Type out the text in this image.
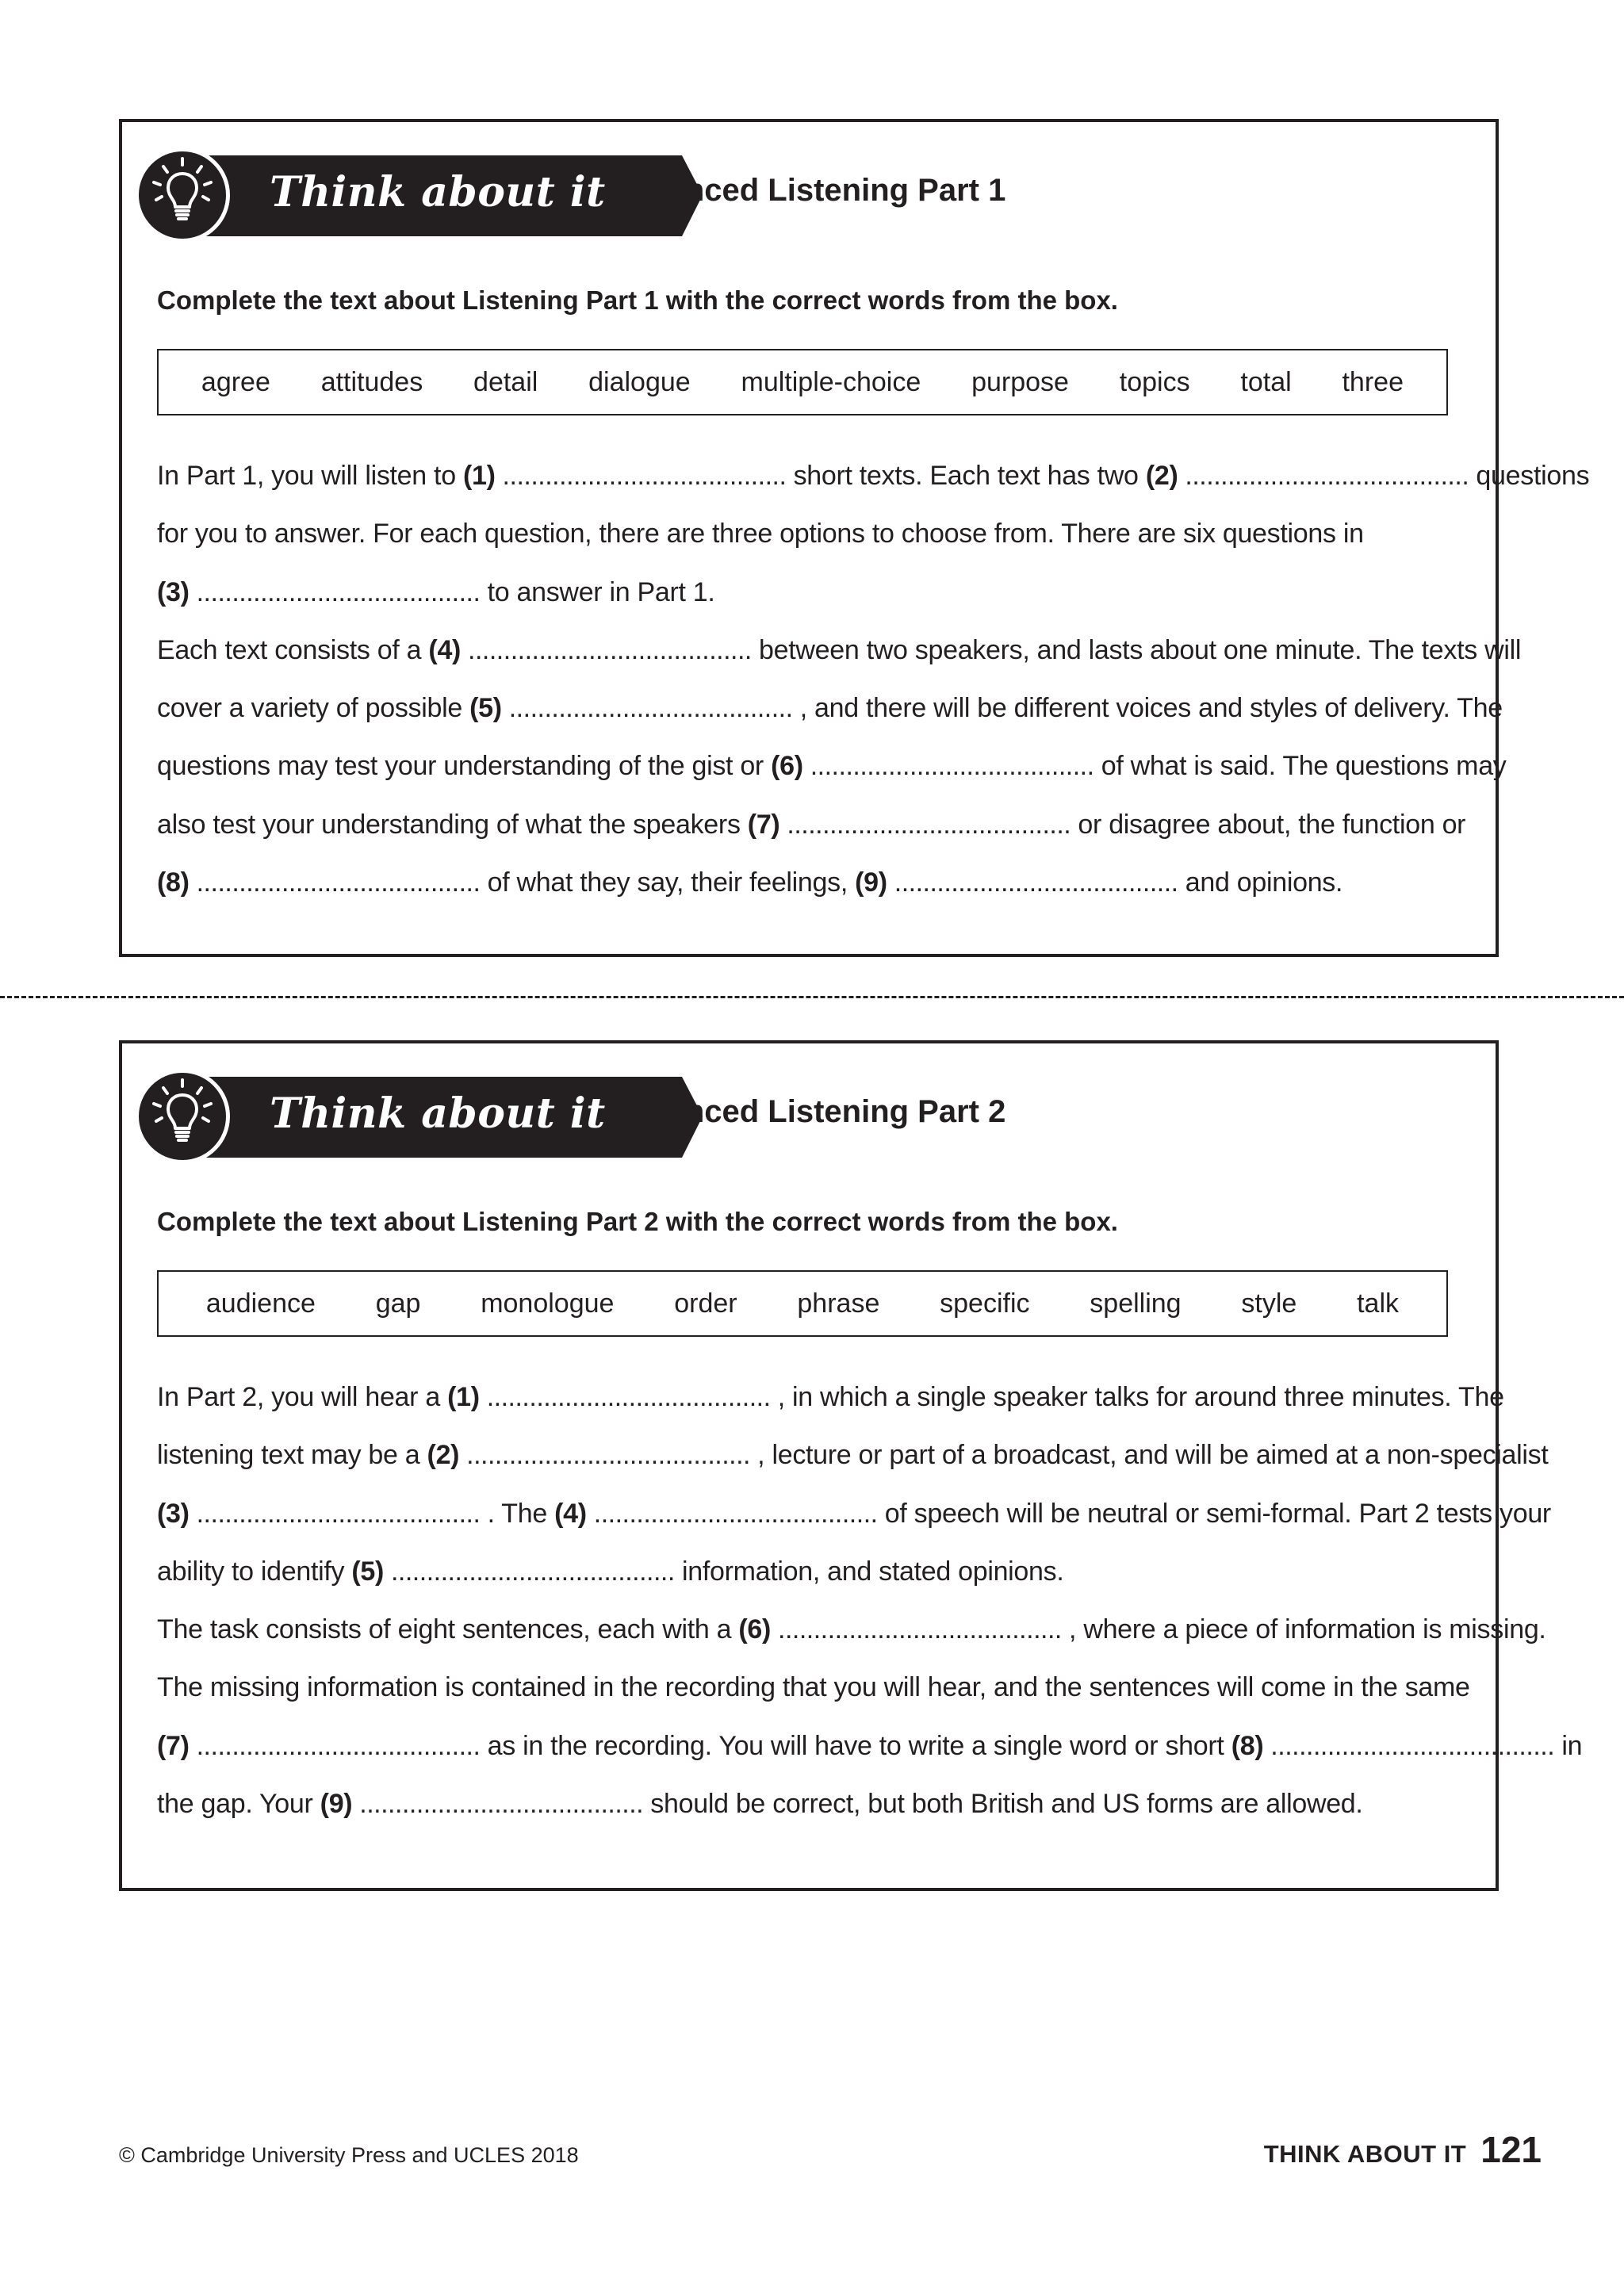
Think about it Advanced Listening Part 1
Complete the text about Listening Part 1 with the correct words from the box.
agree attitudes detail dialogue multiple-choice purpose topics total three
In Part 1, you will listen to (1) ........................................ short texts. Each text has two (2) ........................................ questions
for you to answer. For each question, there are three options to choose from. There are six questions in
(3) ........................................ to answer in Part 1.
Each text consists of a (4) ........................................ between two speakers, and lasts about one minute. The texts will
cover a variety of possible (5) ........................................ , and there will be different voices and styles of delivery. The
questions may test your understanding of the gist or (6) ........................................ of what is said. The questions may
also test your understanding of what the speakers (7) ........................................ or disagree about, the function or
(8) ........................................ of what they say, their feelings, (9) ........................................ and opinions.
Think about it Advanced Listening Part 2
Complete the text about Listening Part 2 with the correct words from the box.
audience gap monologue order phrase specific spelling style talk
In Part 2, you will hear a (1) ........................................ , in which a single speaker talks for around three minutes. The
listening text may be a (2) ........................................ , lecture or part of a broadcast, and will be aimed at a non-specialist
(3) ........................................ . The (4) ........................................ of speech will be neutral or semi-formal. Part 2 tests your
ability to identify (5) ........................................ information, and stated opinions.
The task consists of eight sentences, each with a (6) ........................................ , where a piece of information is missing.
The missing information is contained in the recording that you will hear, and the sentences will come in the same
(7) ........................................ as in the recording. You will have to write a single word or short (8) ........................................ in
the gap. Your (9) ........................................ should be correct, but both British and US forms are allowed.
© Cambridge University Press and UCLES 2018	THINK ABOUT IT 121
